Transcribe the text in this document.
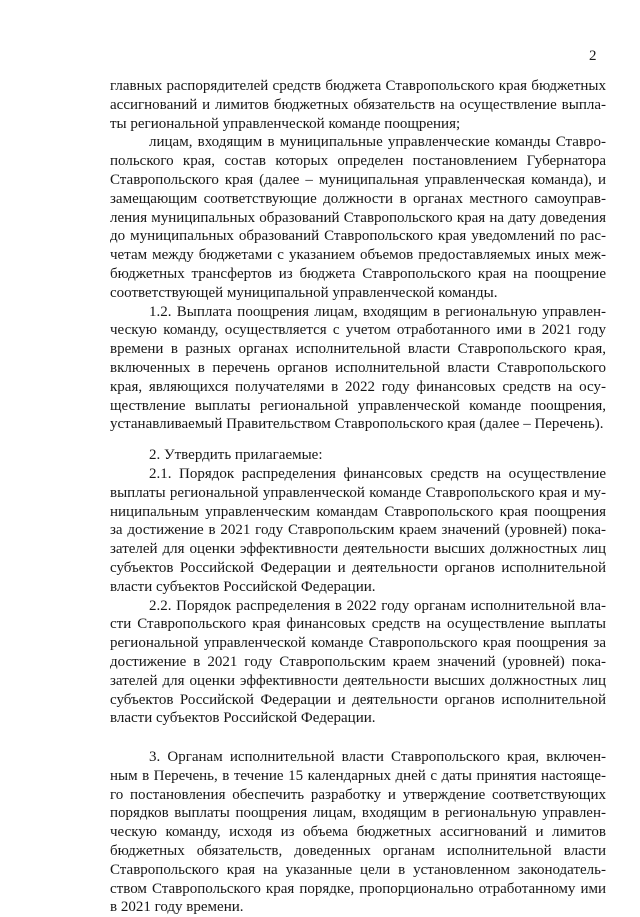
2

главных распорядителей средств бюджета Ставропольского края бюджетных ассигнований и лимитов бюджетных обязательств на осуществление выплаты региональной управленческой команде поощрения;

лицам, входящим в муниципальные управленческие команды Ставропольского края, состав которых определен постановлением Губернатора Ставропольского края (далее – муниципальная управленческая команда), и замещающим соответствующие должности в органах местного самоуправления муниципальных образований Ставропольского края на дату доведения до муниципальных образований Ставропольского края уведомлений по расчетам между бюджетами с указанием объемов предоставляемых иных межбюджетных трансфертов из бюджета Ставропольского края на поощрение соответствующей муниципальной управленческой команды.

1.2. Выплата поощрения лицам, входящим в региональную управленческую команду, осуществляется с учетом отработанного ими в 2021 году времени в разных органах исполнительной власти Ставропольского края, включенных в перечень органов исполнительной власти Ставропольского края, являющихся получателями в 2022 году финансовых средств на осуществление выплаты региональной управленческой команде поощрения, устанавливаемый Правительством Ставропольского края (далее – Перечень).

2. Утвердить прилагаемые:

2.1. Порядок распределения финансовых средств на осуществление выплаты региональной управленческой команде Ставропольского края и муниципальным управленческим командам Ставропольского края поощрения за достижение в 2021 году Ставропольским краем значений (уровней) показателей для оценки эффективности деятельности высших должностных лиц субъектов Российской Федерации и деятельности органов исполнительной власти субъектов Российской Федерации.

2.2. Порядок распределения в 2022 году органам исполнительной власти Ставропольского края финансовых средств на осуществление выплаты региональной управленческой команде Ставропольского края поощрения за достижение в 2021 году Ставропольским краем значений (уровней) показателей для оценки эффективности деятельности высших должностных лиц субъектов Российской Федерации и деятельности органов исполнительной власти субъектов Российской Федерации.

3. Органам исполнительной власти Ставропольского края, включенным в Перечень, в течение 15 календарных дней с даты принятия настоящего постановления обеспечить разработку и утверждение соответствующих порядков выплаты поощрения лицам, входящим в региональную управленческую команду, исходя из объема бюджетных ассигнований и лимитов бюджетных обязательств, доведенных органам исполнительной власти Ставропольского края на указанные цели в установленном законодательством Ставропольского края порядке, пропорционально отработанному ими в 2021 году времени.
